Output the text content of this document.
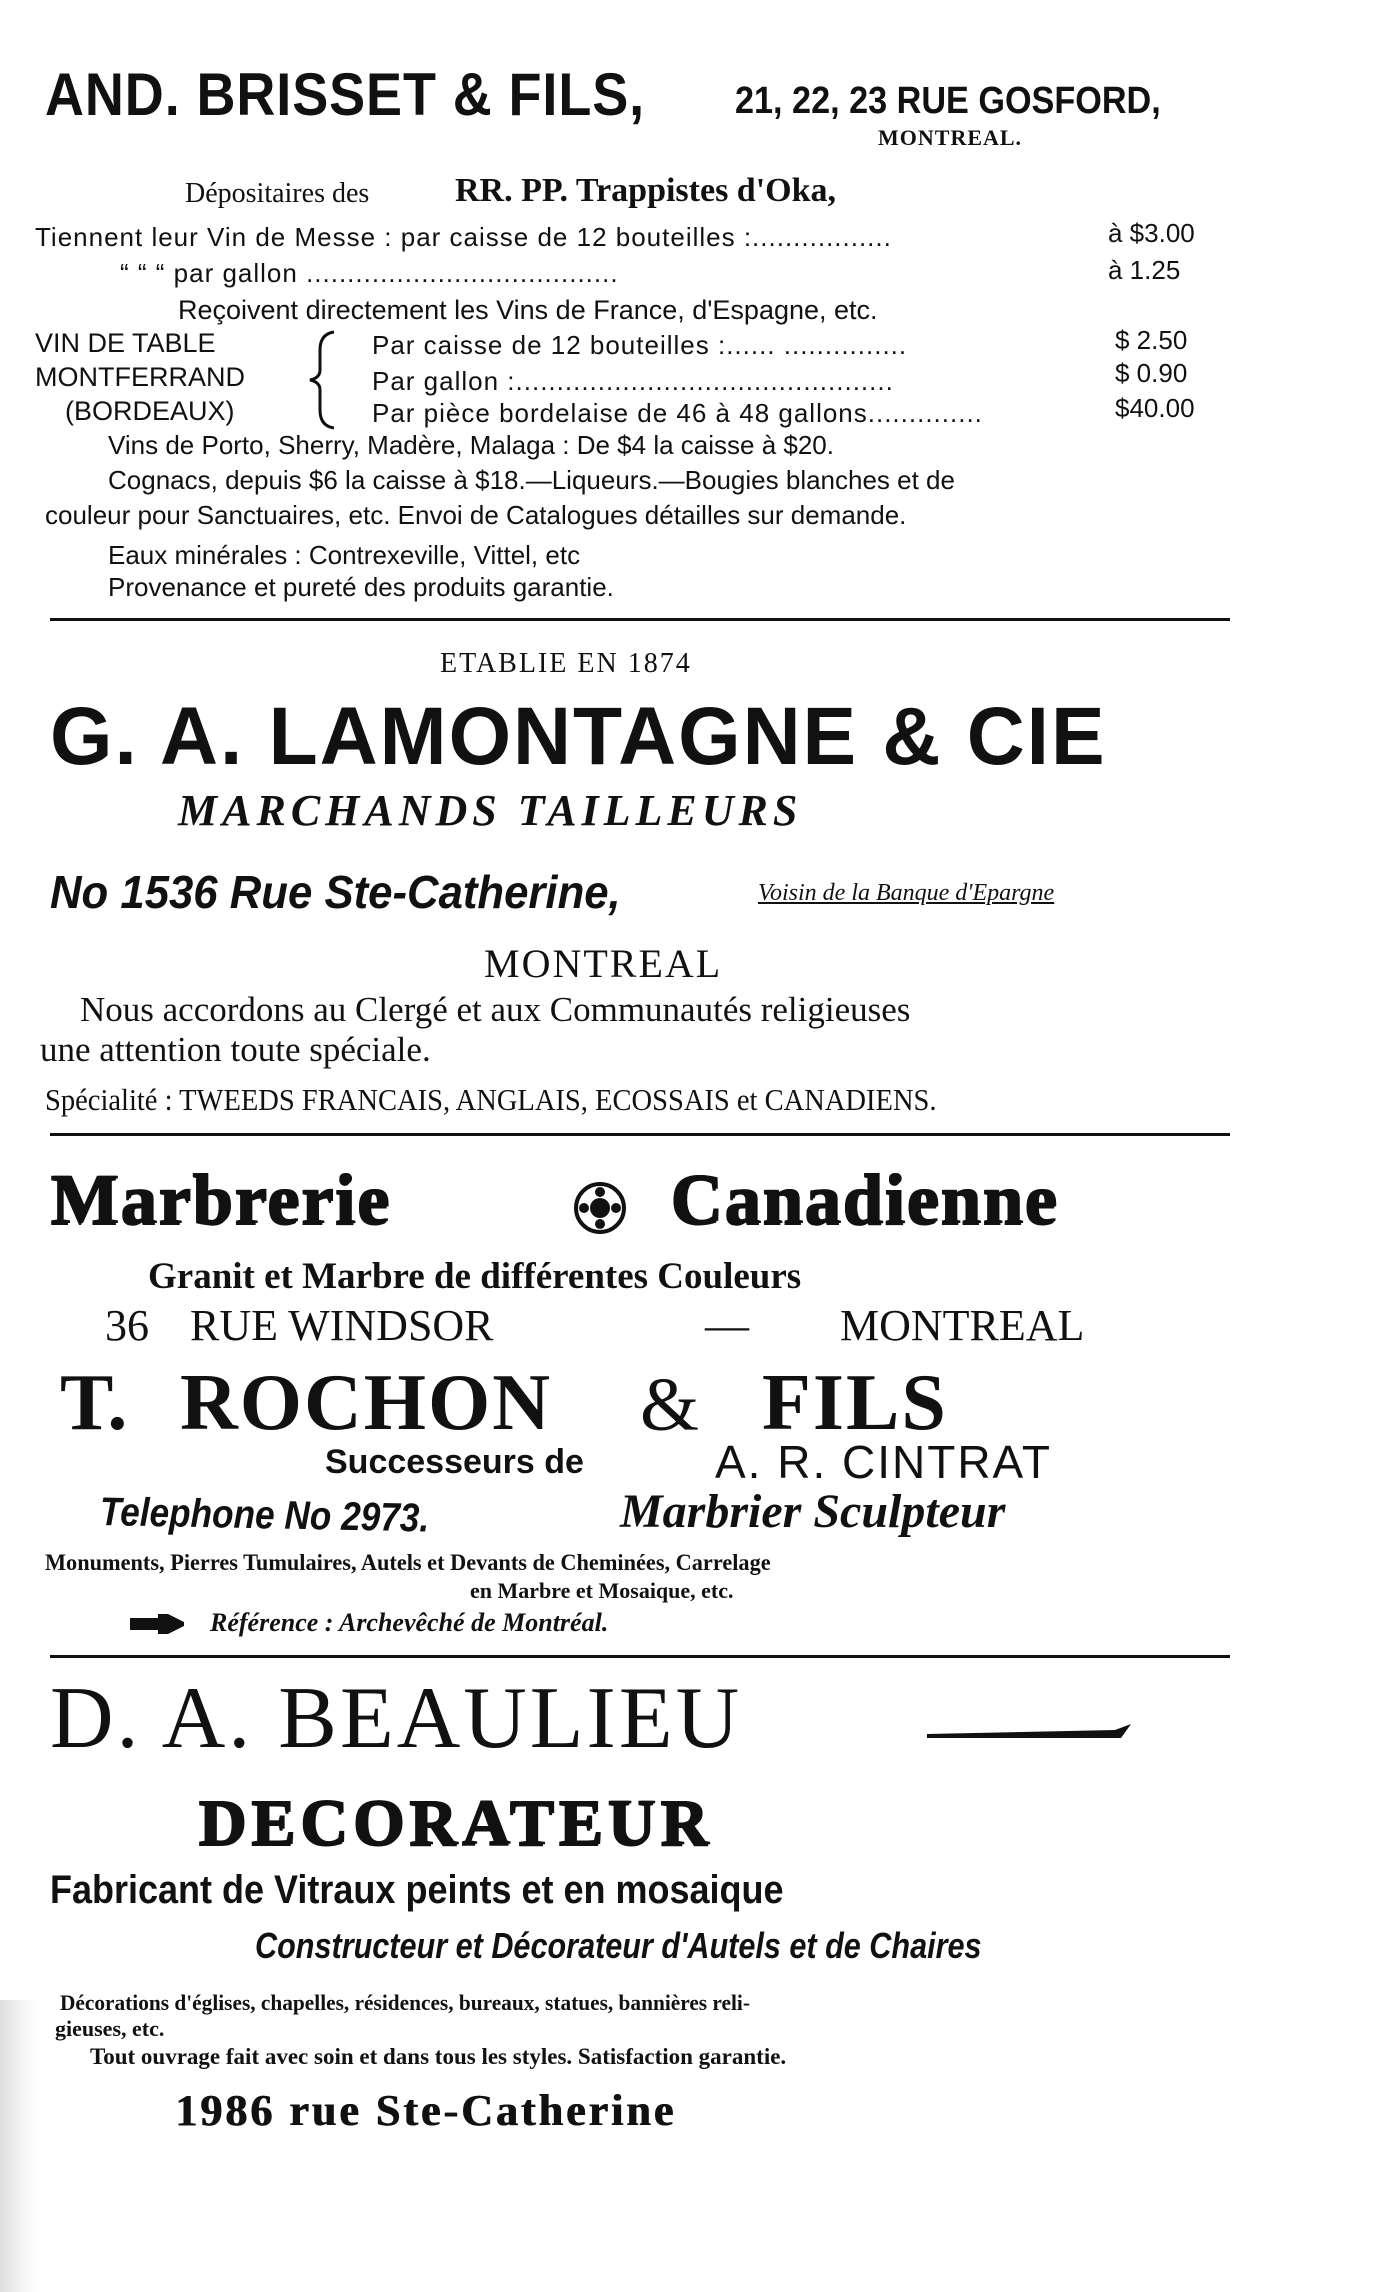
AND. BRISSET & FILS, 21, 22, 23 RUE GOSFORD,
MONTREAL.
Dépositaires des	RR. PP. Trappistes d'Oka,
Tiennent leur Vin de Messe : par caisse de 12 bouteilles :.................	à $3.00
“ “ “ par gallon ......................................	à 1.25
Reçoivent directement les Vins de France, d'Espagne, etc.
VIN DE TABLE
MONTFERRAND
(BORDEAUX)
Par caisse de 12 bouteilles :...... ...............	$ 2.50
Par gallon :..............................................	$ 0.90
Par pièce bordelaise de 46 à 48 gallons..............	$40.00
Vins de Porto, Sherry, Madère, Malaga : De $4 la caisse à $20.
Cognacs, depuis $6 la caisse à $18.—Liqueurs.—Bougies blanches et de
couleur pour Sanctuaires, etc. Envoi de Catalogues détailles sur demande.
Eaux minérales : Contrexeville, Vittel, etc
Provenance et pureté des produits garantie.
ETABLIE EN 1874
G. A. LAMONTAGNE & CIE
MARCHANDS TAILLEURS
No 1536 Rue Ste-Catherine,	Voisin de la Banque d'Epargne
MONTREAL
Nous accordons au Clergé et aux Communautés religieuses
une attention toute spéciale.
Spécialité : TWEEDS FRANCAIS, ANGLAIS, ECOSSAIS et CANADIENS.
Marbrerie	Canadienne
Granit et Marbre de différentes Couleurs
36 RUE WINDSOR	— MONTREAL
T. ROCHON & FILS
Successeurs de	A. R. CINTRAT
Telephone No 2973.	Marbrier Sculpteur
Monuments, Pierres Tumulaires, Autels et Devants de Cheminées, Carrelage
en Marbre et Mosaique, etc.
Référence : Archevêché de Montréal.
D. A. BEAULIEU
DECORATEUR
Fabricant de Vitraux peints et en mosaique
Constructeur et Décorateur d'Autels et de Chaires
Décorations d'églises, chapelles, résidences, bureaux, statues, bannières reli-
gieuses, etc.
Tout ouvrage fait avec soin et dans tous les styles. Satisfaction garantie.
1986 rue Ste-Catherine
